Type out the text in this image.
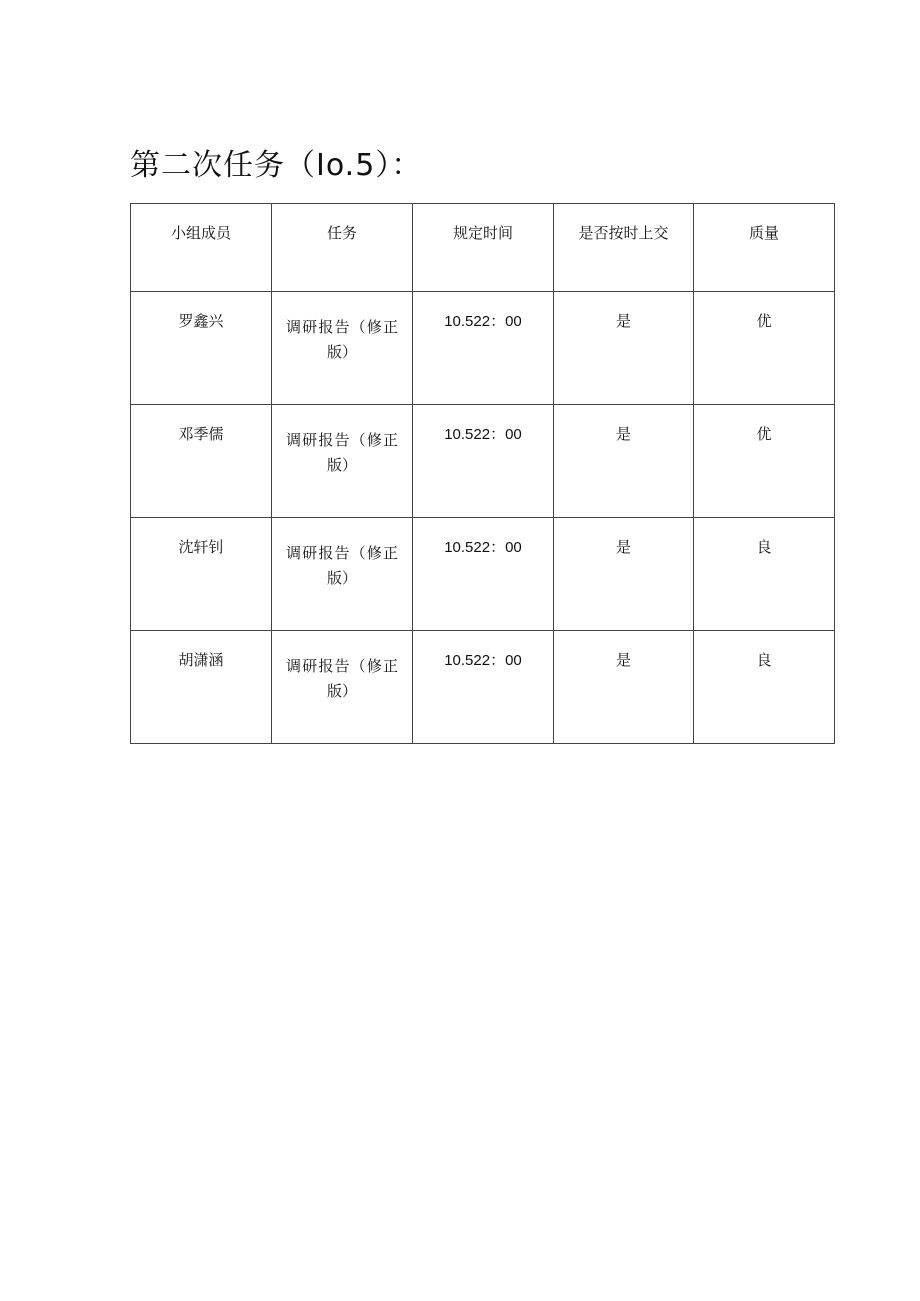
第二次任务（Io.5）：
小组成员	任务	规定时间	是否按时上交	质量
罗鑫兴	调研报告（修正版）	10.522：00	是	优
邓季儒	调研报告（修正版）	10.522：00	是	优
沈轩钊	调研报告（修正版）	10.522：00	是	良
胡潇涵	调研报告（修正版）	10.522：00	是	良
